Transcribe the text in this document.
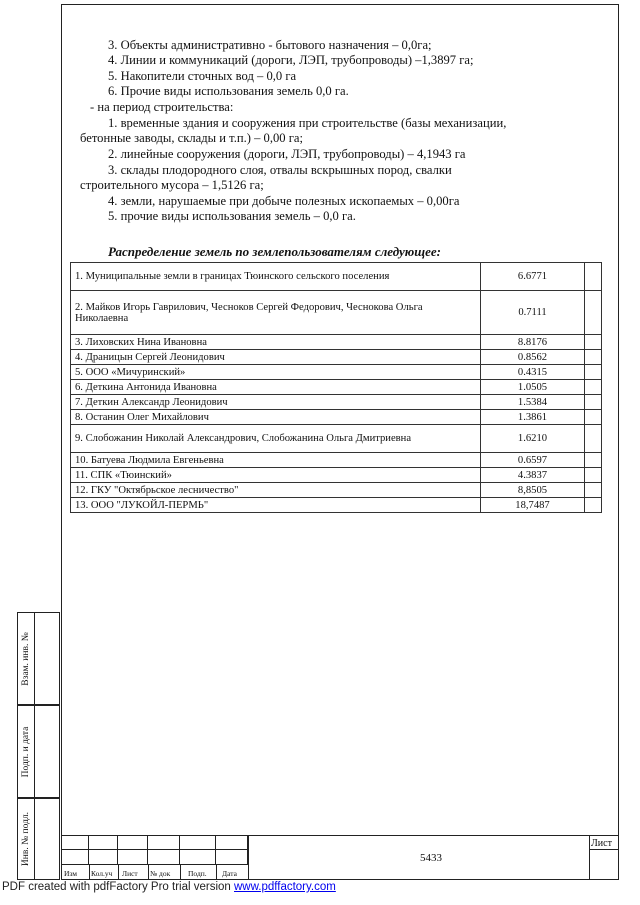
3. Объекты административно - бытового назначения – 0,0га;
4. Линии и коммуникаций (дороги, ЛЭП, трубопроводы) –1,3897 га;
5. Накопители сточных вод – 0,0 га
6. Прочие виды использования земель 0,0 га.
- на период строительства:
1. временные здания и сооружения при строительстве (базы механизации,
бетонные заводы, склады и т.п.) – 0,00 га;
2. линейные сооружения (дороги, ЛЭП, трубопроводы) – 4,1943 га
3. склады плодородного слоя, отвалы вскрышных пород, свалки
строительного мусора – 1,5126 га;
4. земли, нарушаемые при добыче полезных ископаемых – 0,00га
5. прочие виды использования земель – 0,0 га.
Распределение земель по землепользователям следующее:
1. Муниципальные земли в границах Тюинского сельского поселения	6.6771	
2. Майков Игорь Гаврилович, Чесноков Сергей Федорович, Чеснокова Ольга Николаевна	0.7111	
3. Лиховских Нина Ивановна	8.8176	
4. Драницын Сергей Леонидович	0.8562	
5. ООО «Мичуринский»	0.4315	
6. Деткина Антонида Ивановна	1.0505	
7. Деткин Александр Леонидович	1.5384	
8. Останин Олег Михайлович	1.3861	
9. Слобожанин Николай Александрович, Слобожанина Ольга Дмитриевна	1.6210	
10. Батуева Людмила Евгеньевна	0.6597	
11. СПК «Тюинский»	4.3837	
12. ГКУ "Октябрьское лесничество"	8,8505	
13. ООО "ЛУКОЙЛ-ПЕРМЬ"	18,7487	
Взам. инв. №
Подп. и дата
Инв. № подл.
Изм Кол.уч Лист № док Подп. Дата
5433
Лист
PDF created with pdfFactory Pro trial version www.pdffactory.com
